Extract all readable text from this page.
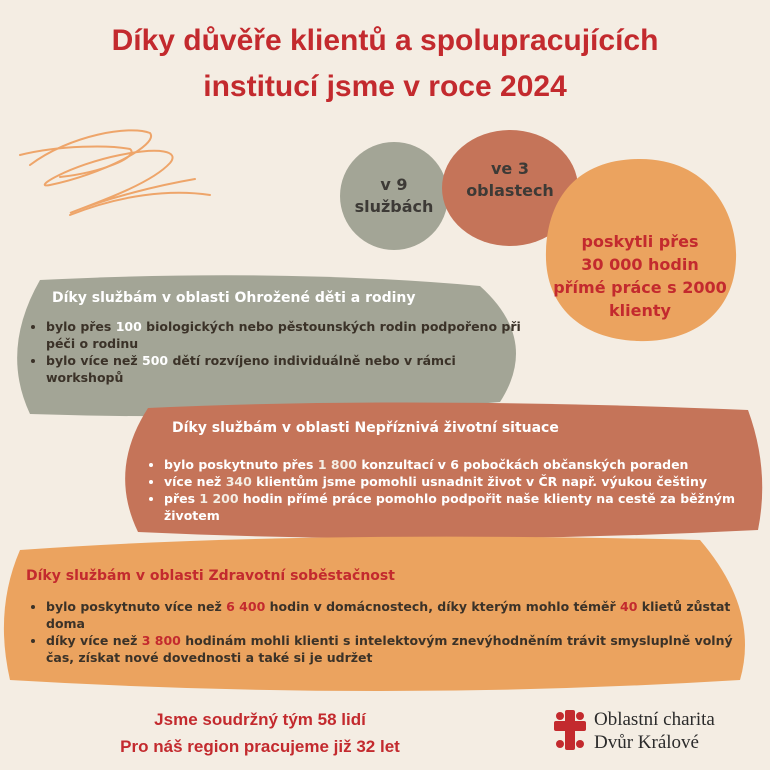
Díky důvěře klientů a spolupracujících
institucí jsme v roce 2024
v 9
službách
ve 3
oblastech
poskytli přes
30 000 hodin
přímé práce s 2000
klienty
Díky službám v oblasti Ohrožené děti a rodiny
• bylo přes 100 biologických nebo pěstounských rodin podpořeno při péči o rodinu
• bylo více než 500 dětí rozvíjeno individuálně nebo v rámci workshopů
Díky službám v oblasti Nepříznivá životní situace
• bylo poskytnuto přes 1 800 konzultací v 6 pobočkách občanských poraden
• více než 340 klientům jsme pomohli usnadnit život v ČR např. výukou češtiny
• přes 1 200 hodin přímé práce pomohlo podpořit naše klienty na cestě za běžným životem
Díky službám v oblasti Zdravotní soběstačnost
• bylo poskytnuto více než 6 400 hodin v domácnostech, díky kterým mohlo téměř 40 klietů zůstat doma
• díky více než 3 800 hodinám mohli klienti s intelektovým znevýhodněním trávit smysluplně volný čas, získat nové dovednosti a také si je udržet
Jsme soudržný tým 58 lidí
Pro náš region pracujeme již 32 let
Oblastní charita
Dvůr Králové
